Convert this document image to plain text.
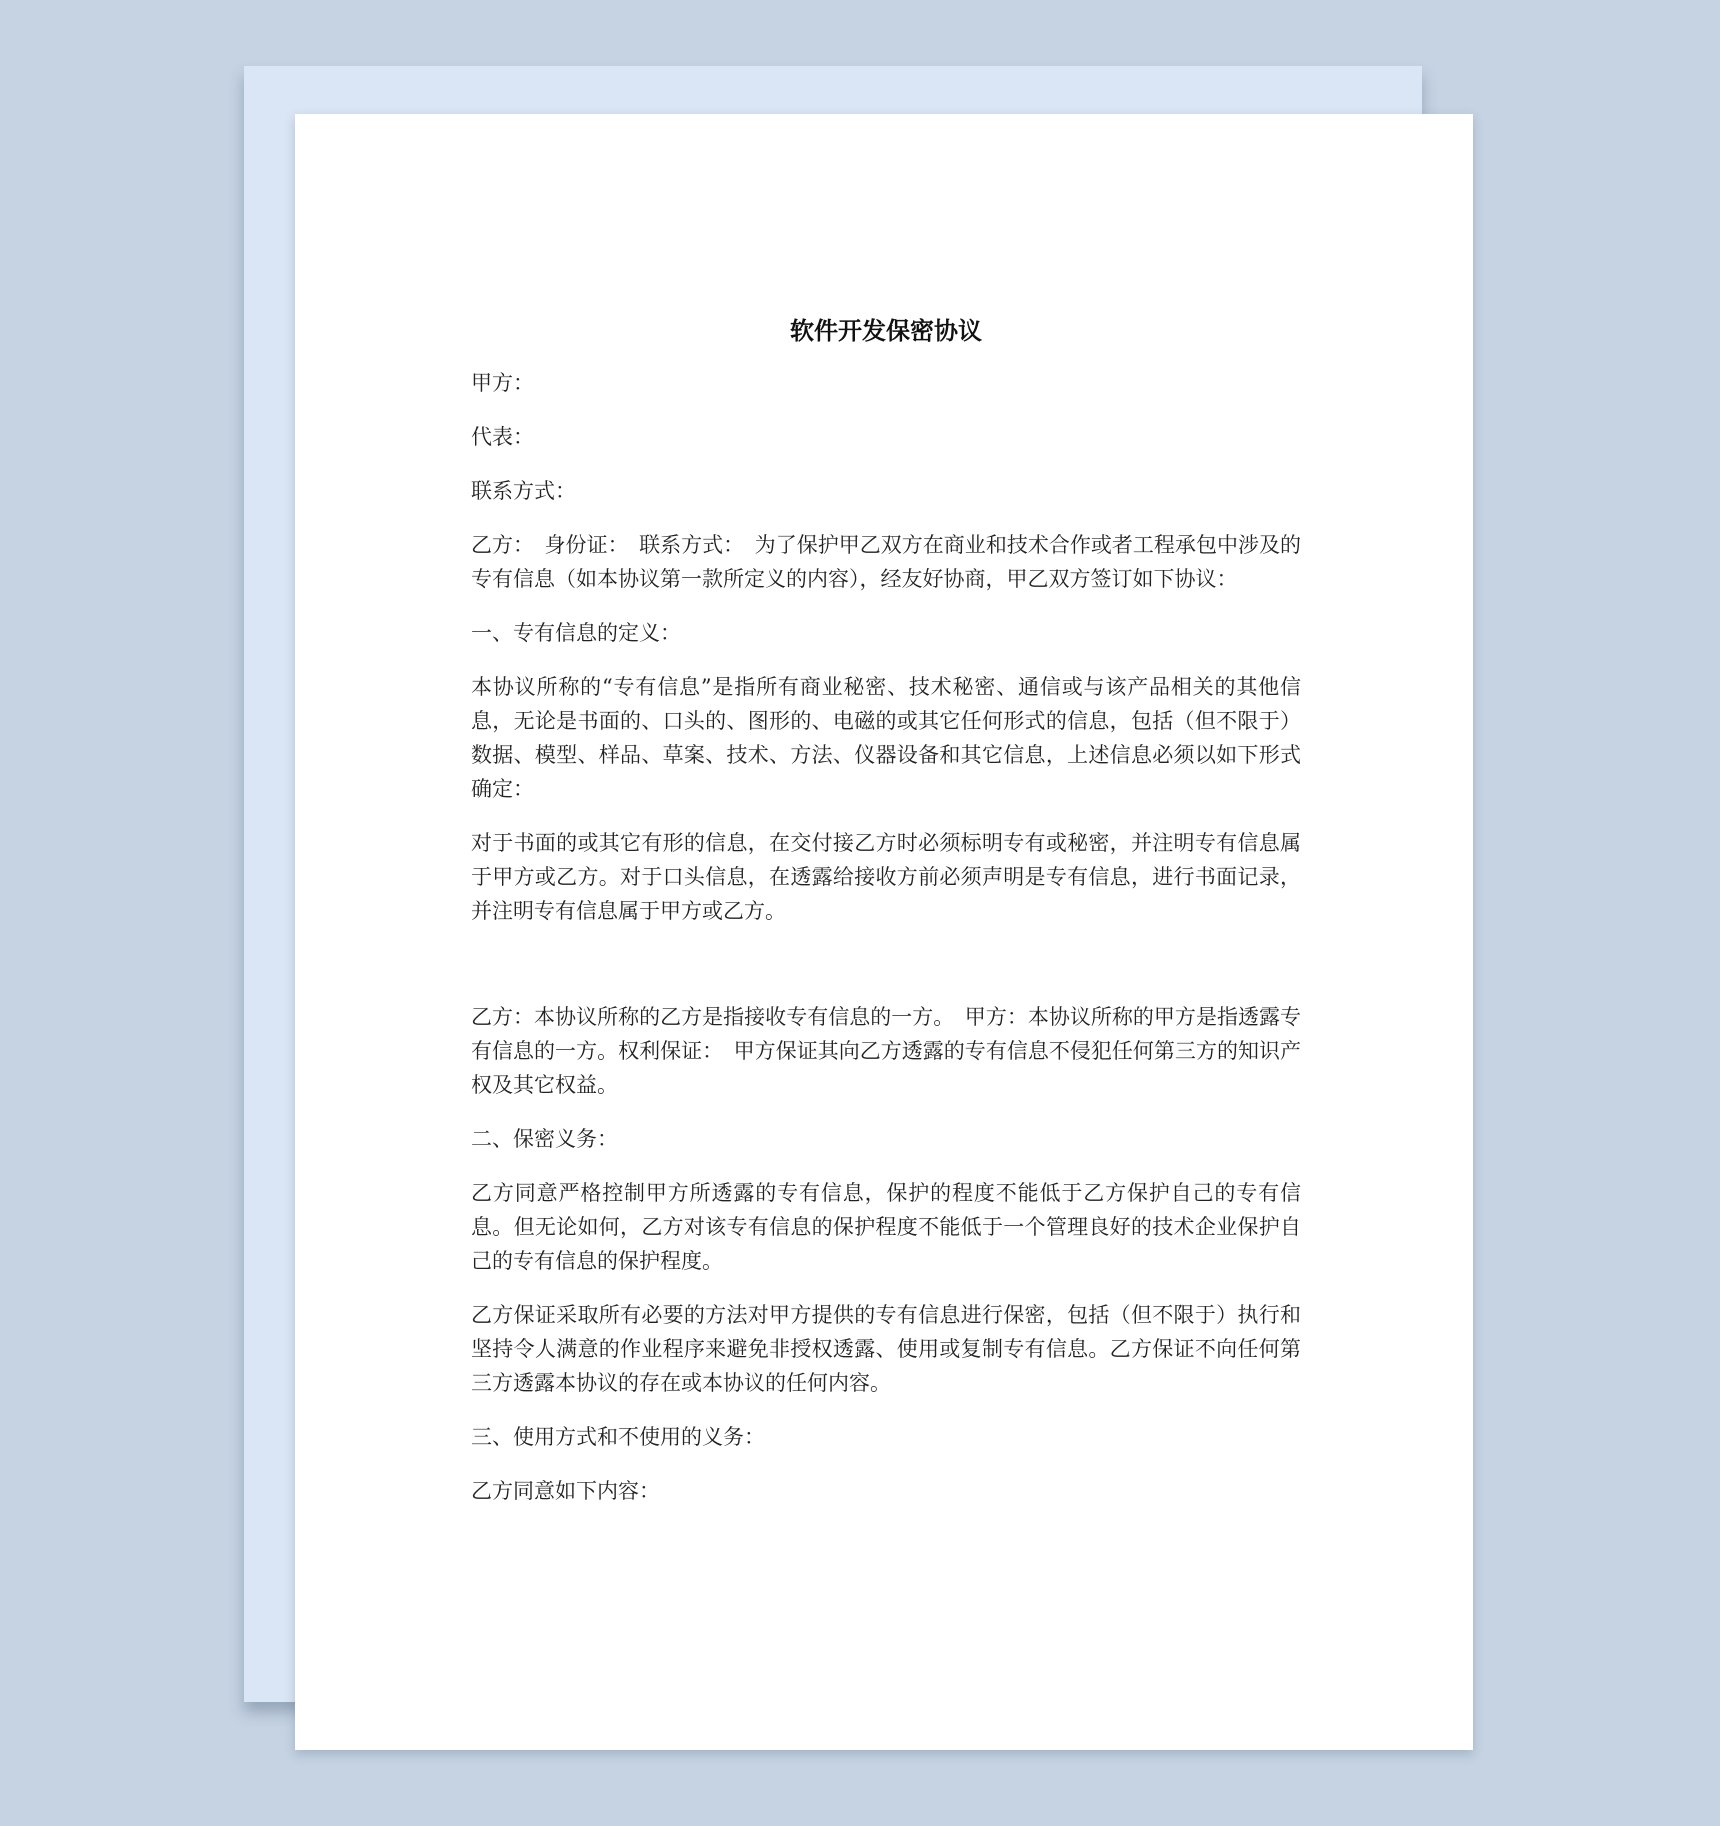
软件开发保密协议

甲方：

代表：

联系方式：

乙方：　身份证：　联系方式：　为了保护甲乙双方在商业和技术合作或者工程承包中涉及的专有信息（如本协议第一款所定义的内容），经友好协商，甲乙双方签订如下协议：

一、专有信息的定义：

本协议所称的“专有信息”是指所有商业秘密、技术秘密、通信或与该产品相关的其他信息，无论是书面的、口头的、图形的、电磁的或其它任何形式的信息，包括（但不限于）数据、模型、样品、草案、技术、方法、仪器设备和其它信息，上述信息必须以如下形式确定：

对于书面的或其它有形的信息，在交付接乙方时必须标明专有或秘密，并注明专有信息属于甲方或乙方。对于口头信息，在透露给接收方前必须声明是专有信息，进行书面记录，并注明专有信息属于甲方或乙方。

乙方：本协议所称的乙方是指接收专有信息的一方。　甲方：本协议所称的甲方是指透露专有信息的一方。权利保证：　甲方保证其向乙方透露的专有信息不侵犯任何第三方的知识产权及其它权益。

二、保密义务：

乙方同意严格控制甲方所透露的专有信息，保护的程度不能低于乙方保护自己的专有信息。但无论如何，乙方对该专有信息的保护程度不能低于一个管理良好的技术企业保护自己的专有信息的保护程度。

乙方保证采取所有必要的方法对甲方提供的专有信息进行保密，包括（但不限于）执行和坚持令人满意的作业程序来避免非授权透露、使用或复制专有信息。乙方保证不向任何第三方透露本协议的存在或本协议的任何内容。

三、使用方式和不使用的义务：

乙方同意如下内容：
